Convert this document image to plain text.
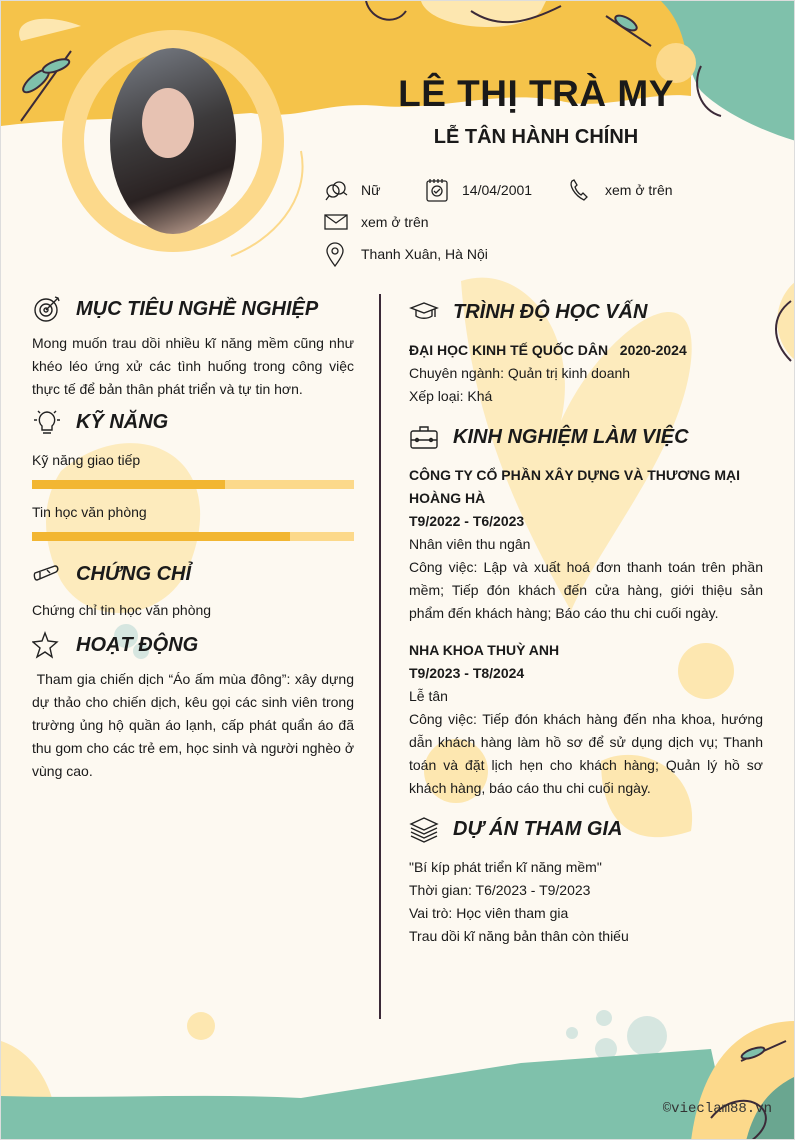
LÊ THỊ TRÀ MY
LỄ TÂN HÀNH CHÍNH
Nữ	14/04/2001	xem ở trên
xem ở trên
Thanh Xuân, Hà Nội
MỤC TIÊU NGHỀ NGHIỆP

Mong muốn trau dồi nhiều kĩ năng mềm cũng như khéo léo ứng xử các tình huống trong công việc thực tế để bản thân phát triển và tự tin hơn.

KỸ NĂNG
Kỹ năng giao tiếp
Tin học văn phòng
CHỨNG CHỈ

Chứng chỉ tin học văn phòng

HOẠT ĐỘNG

Tham gia chiến dịch “Áo ấm mùa đông”: xây dựng dự thảo cho chiến dịch, kêu gọi các sinh viên trong trường ủng hộ quần áo lạnh, cấp phát quẩn áo đã thu gom cho các trẻ em, học sinh và người nghèo ở vùng cao.

TRÌNH ĐỘ HỌC VẤN
ĐẠI HỌC KINH TẾ QUỐC DÂN 2020-2024
Chuyên ngành: Quản trị kinh doanh
Xếp loại: Khá
KINH NGHIỆM LÀM VIỆC
CÔNG TY CỔ PHẦN XÂY DỰNG VÀ THƯƠNG MẠI HOÀNG HÀ
T9/2022 - T6/2023
Nhân viên thu ngân
Công việc: Lập và xuất hoá đơn thanh toán trên phần mềm; Tiếp đón khách đến cửa hàng, giới thiệu sản phẩm đến khách hàng; Báo cáo thu chi cuối ngày.
NHA KHOA THUỲ ANH
T9/2023 - T8/2024
Lễ tân
Công việc: Tiếp đón khách hàng đến nha khoa, hướng dẫn khách hàng làm hồ sơ để sử dụng dịch vụ; Thanh toán và đặt lịch hẹn cho khách hàng; Quản lý hồ sơ khách hàng, báo cáo thu chi cuối ngày.
DỰ ÁN THAM GIA
"Bí kíp phát triển kĩ năng mềm"
Thời gian: T6/2023 - T9/2023
Vai trò: Học viên tham gia
Trau dồi kĩ năng bản thân còn thiếu
©vieclam88.vn
